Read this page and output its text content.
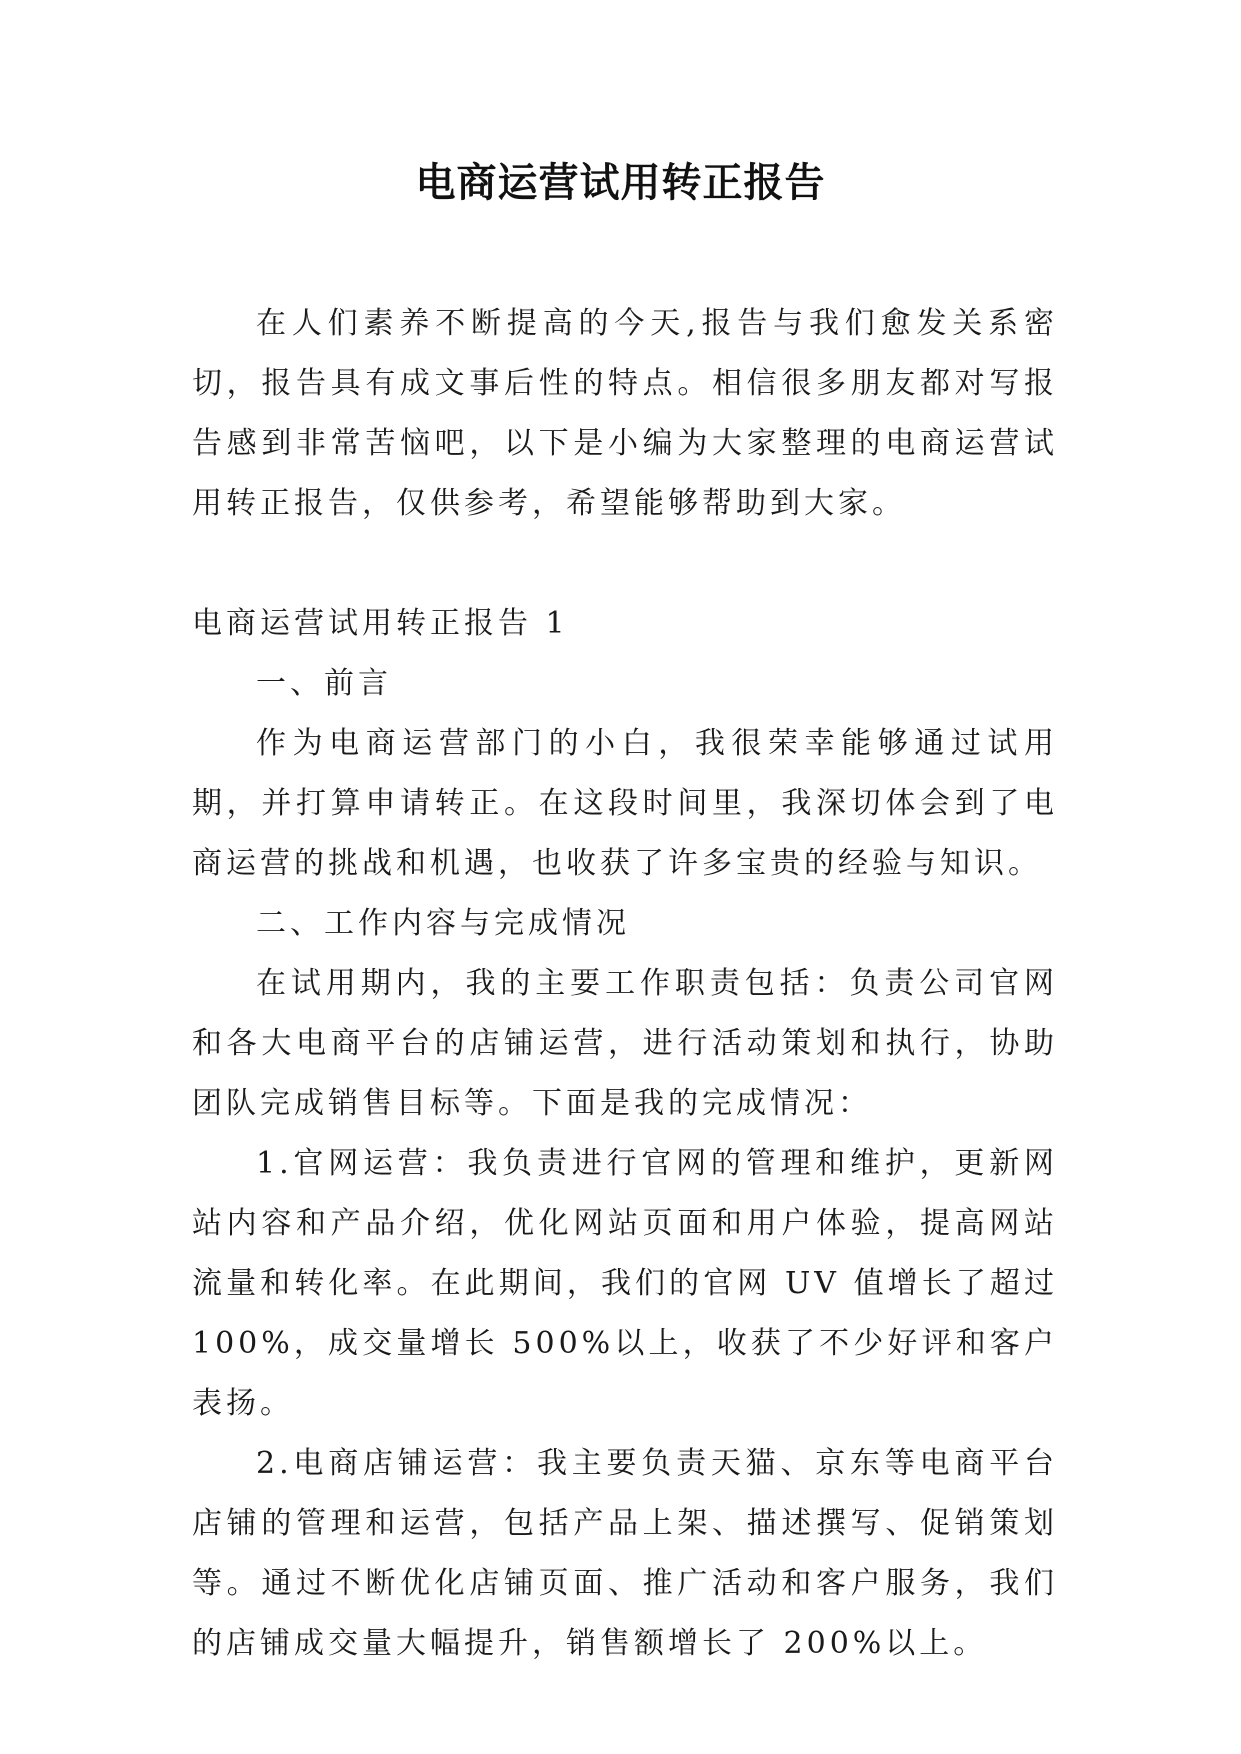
电商运营试用转正报告

在人们素养不断提高的今天,报告与我们愈发关系密切，报告具有成文事后性的特点。相信很多朋友都对写报告感到非常苦恼吧，以下是小编为大家整理的电商运营试用转正报告，仅供参考，希望能够帮助到大家。

电商运营试用转正报告 1

一、前言

作为电商运营部门的小白，我很荣幸能够通过试用期，并打算申请转正。在这段时间里，我深切体会到了电商运营的挑战和机遇，也收获了许多宝贵的经验与知识。

二、工作内容与完成情况

在试用期内，我的主要工作职责包括：负责公司官网和各大电商平台的店铺运营，进行活动策划和执行，协助团队完成销售目标等。下面是我的完成情况：

1.官网运营：我负责进行官网的管理和维护，更新网站内容和产品介绍，优化网站页面和用户体验，提高网站流量和转化率。在此期间，我们的官网 UV 值增长了超过 100%，成交量增长 500%以上，收获了不少好评和客户表扬。

2.电商店铺运营：我主要负责天猫、京东等电商平台店铺的管理和运营，包括产品上架、描述撰写、促销策划等。通过不断优化店铺页面、推广活动和客户服务，我们的店铺成交量大幅提升，销售额增长了 200%以上。
